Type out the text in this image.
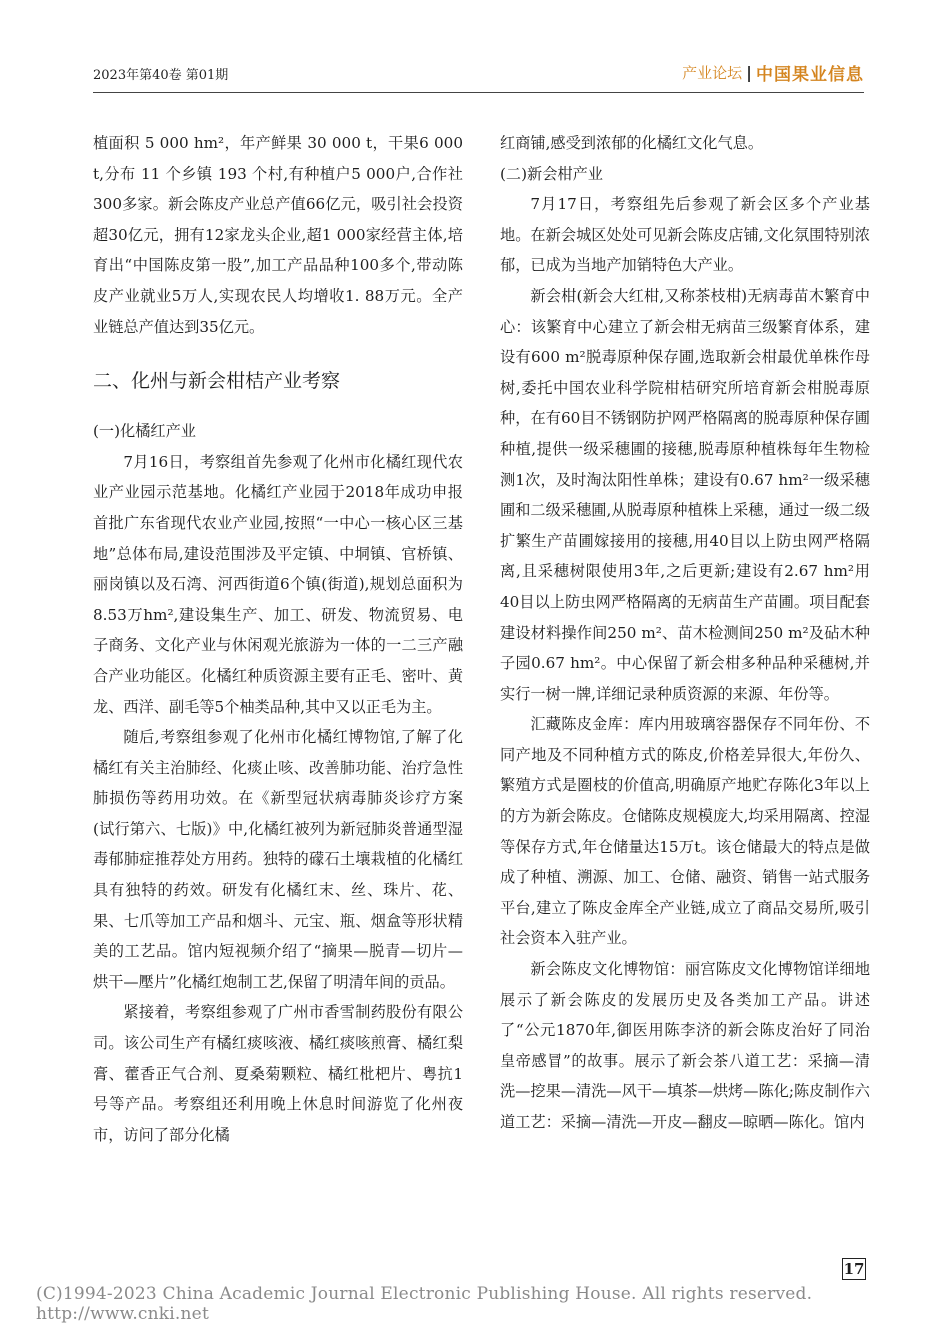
2023年第40卷 第01期	产业论坛 | 中国果业信息

植面积 5 000 hm²，年产鲜果 30 000 t，干果6 000 t,分布 11 个乡镇 193 个村,有种植户5 000户,合作社 300多家。新会陈皮产业总产值66亿元，吸引社会投资超30亿元，拥有12家龙头企业,超1 000家经营主体,培育出“中国陈皮第一股”,加工产品品种100多个,带动陈皮产业就业5万人,实现农民人均增收1. 88万元。全产业链总产值达到35亿元。

二、化州与新会柑桔产业考察

(一)化橘红产业

7月16日，考察组首先参观了化州市化橘红现代农业产业园示范基地。化橘红产业园于2018年成功申报首批广东省现代农业产业园,按照“一中心一核心区三基地”总体布局,建设范围涉及平定镇、中垌镇、官桥镇、丽岗镇以及石湾、河西街道6个镇(街道),规划总面积为8.53万hm²,建设集生产、加工、研发、物流贸易、电子商务、文化产业与休闲观光旅游为一体的一二三产融合产业功能区。化橘红种质资源主要有正毛、密叶、黄龙、西洋、副毛等5个柚类品种,其中又以正毛为主。

随后,考察组参观了化州市化橘红博物馆,了解了化橘红有关主治肺经、化痰止咳、改善肺功能、治疗急性肺损伤等药用功效。在《新型冠状病毒肺炎诊疗方案(试行第六、七版)》中,化橘红被列为新冠肺炎普通型湿毒郁肺症推荐处方用药。独特的礞石土壤栽植的化橘红具有独特的药效。研发有化橘红末、丝、珠片、花、果、七爪等加工产品和烟斗、元宝、瓶、烟盒等形状精美的工艺品。馆内短视频介绍了“摘果—脱青—切片—烘干—壓片”化橘红炮制工艺,保留了明清年间的贡品。

紧接着，考察组参观了广州市香雪制药股份有限公司。该公司生产有橘红痰咳液、橘红痰咳煎膏、橘红梨膏、藿香正气合剂、夏桑菊颗粒、橘红枇杷片、粤抗1号等产品。考察组还利用晚上休息时间游览了化州夜市，访问了部分化橘

红商铺,感受到浓郁的化橘红文化气息。

(二)新会柑产业

7月17日，考察组先后参观了新会区多个产业基地。在新会城区处处可见新会陈皮店铺,文化氛围特别浓郁，已成为当地产加销特色大产业。

新会柑(新会大红柑,又称茶枝柑)无病毒苗木繁育中心：该繁育中心建立了新会柑无病苗三级繁育体系，建设有600 m²脱毒原种保存圃,选取新会柑最优单株作母树,委托中国农业科学院柑桔研究所培育新会柑脱毒原种，在有60目不锈钢防护网严格隔离的脱毒原种保存圃种植,提供一级采穗圃的接穗,脱毒原种植株每年生物检测1次，及时淘汰阳性单株；建设有0.67 hm²一级采穗圃和二级采穗圃,从脱毒原种植株上采穗，通过一级二级扩繁生产苗圃嫁接用的接穗,用40目以上防虫网严格隔离,且采穗树限使用3年,之后更新;建设有2.67 hm²用40目以上防虫网严格隔离的无病苗生产苗圃。项目配套建设材料操作间250 m²、苗木检测间250 m²及砧木种子园0.67 hm²。中心保留了新会柑多种品种采穗树,并实行一树一牌,详细记录种质资源的来源、年份等。

汇藏陈皮金库：库内用玻璃容器保存不同年份、不同产地及不同种植方式的陈皮,价格差异很大,年份久、繁殖方式是圈枝的价值高,明确原产地贮存陈化3年以上的方为新会陈皮。仓储陈皮规模庞大,均采用隔离、控湿等保存方式,年仓储量达15万t。该仓储最大的特点是做成了种植、溯源、加工、仓储、融资、销售一站式服务平台,建立了陈皮金库全产业链,成立了商品交易所,吸引社会资本入驻产业。

新会陈皮文化博物馆：丽宫陈皮文化博物馆详细地展示了新会陈皮的发展历史及各类加工产品。讲述了“公元1870年,御医用陈李济的新会陈皮治好了同治皇帝感冒”的故事。展示了新会茶八道工艺：采摘—清洗—挖果—清洗—风干—填茶—烘烤—陈化;陈皮制作六道工艺：采摘—清洗—开皮—翻皮—晾晒—陈化。馆内

17
(C)1994-2023 China Academic Journal Electronic Publishing House. All rights reserved. http://www.cnki.net
